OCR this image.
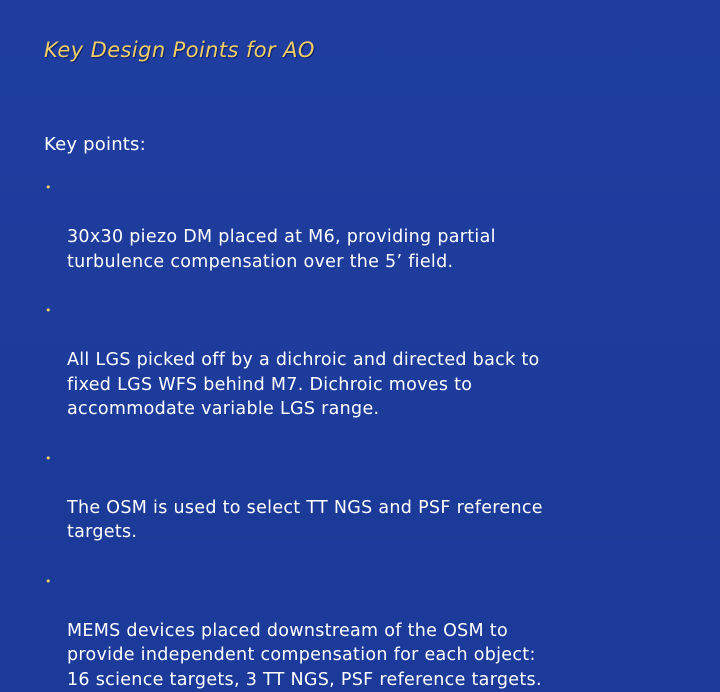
Key Design Points for AO
Key points:

•

30x30 piezo DM placed at M6, providing partial
turbulence compensation over the 5’ field.

•

All LGS picked off by a dichroic and directed back to
fixed LGS WFS behind M7. Dichroic moves to
accommodate variable LGS range.

•

The OSM is used to select TT NGS and PSF reference
targets.

•

MEMS devices placed downstream of the OSM to
provide independent compensation for each object:
16 science targets, 3 TT NGS, PSF reference targets.
